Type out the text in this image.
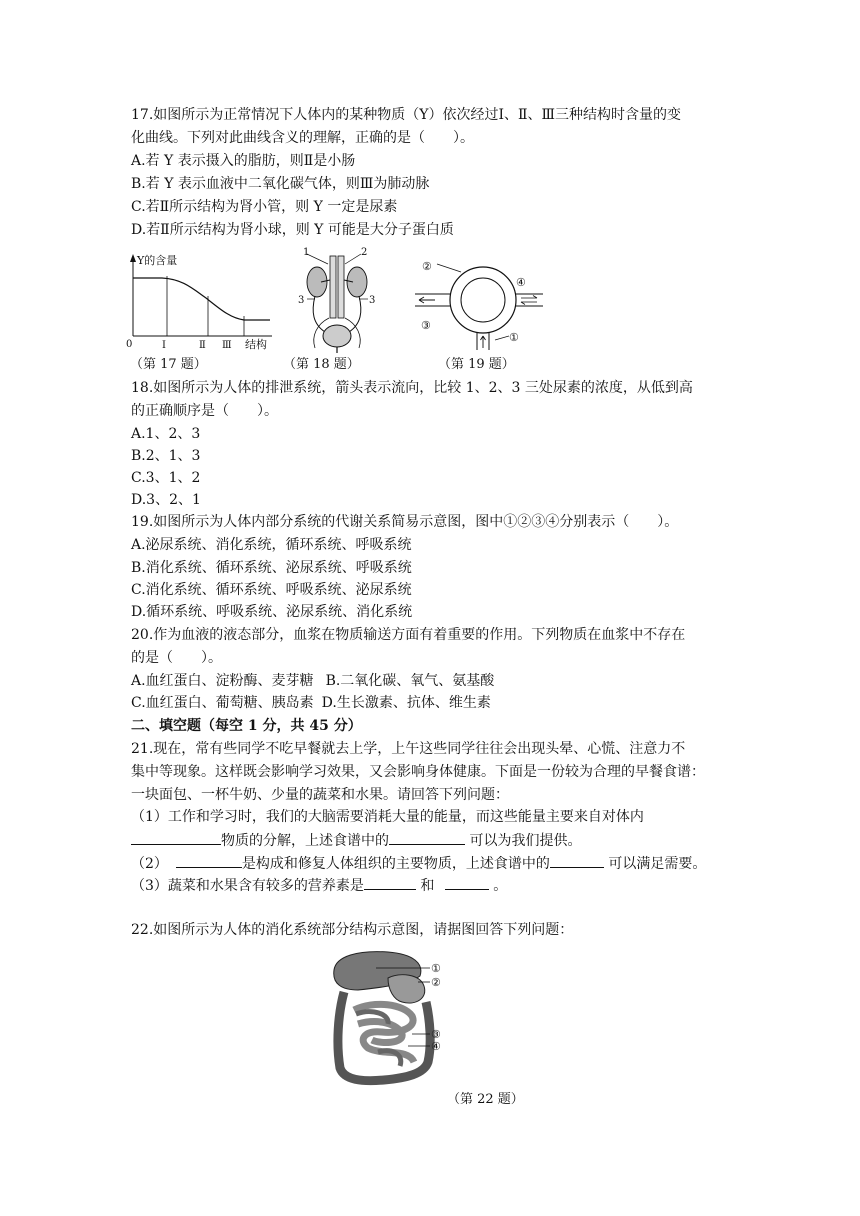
17.如图所示为正常情况下人体内的某种物质（Y）依次经过Ⅰ、Ⅱ、Ⅲ三种结构时含量的变
化曲线。下列对此曲线含义的理解，正确的是（　　）。
A.若 Y 表示摄入的脂肪，则Ⅱ是小肠
B.若 Y 表示血液中二氧化碳气体，则Ⅲ为肺动脉
C.若Ⅱ所示结构为肾小管，则 Y 一定是尿素
D.若Ⅱ所示结构为肾小球，则 Y 可能是大分子蛋白质
Y的含量
0	Ⅰ	Ⅱ Ⅲ 结构
（第 17 题）
1	2
3	3
（第 18 题）
②
④
③
①
（第 19 题）
18.如图所示为人体的排泄系统，箭头表示流向，比较 1、2、3 三处尿素的浓度，从低到高
的正确顺序是（　　）。
A.1、2、3
B.2、1、3
C.3、1、2
D.3、2、1
19.如图所示为人体内部分系统的代谢关系简易示意图，图中①②③④分别表示（　　）。
A.泌尿系统、消化系统，循环系统、呼吸系统
B.消化系统、循环系统、泌尿系统、呼吸系统
C.消化系统、循环系统、呼吸系统、泌尿系统
D.循环系统、呼吸系统、泌尿系统、消化系统
20.作为血液的液态部分，血浆在物质输送方面有着重要的作用。下列物质在血浆中不存在
的是（　　）。
A.血红蛋白、淀粉酶、麦芽糖 B.二氧化碳、氧气、氨基酸
C.血红蛋白、葡萄糖、胰岛素 D.生长激素、抗体、维生素
二、填空题（每空 1 分，共 45 分）
21.现在，常有些同学不吃早餐就去上学，上午这些同学往往会出现头晕、心慌、注意力不
集中等现象。这样既会影响学习效果，又会影响身体健康。下面是一份较为合理的早餐食谱：
一块面包、一杯牛奶、少量的蔬菜和水果。请回答下列问题：
（1）工作和学习时，我们的大脑需要消耗大量的能量，而这些能量主要来自对体内
物质的分解，上述食谱中的	可以为我们提供。
（2）	是构成和修复人体组织的主要物质，上述食谱中的	可以满足需要。
（3）蔬菜和水果含有较多的营养素是	和	。
22.如图所示为人体的消化系统部分结构示意图，请据图回答下列问题：
①
②
③
④
（第 22 题）
